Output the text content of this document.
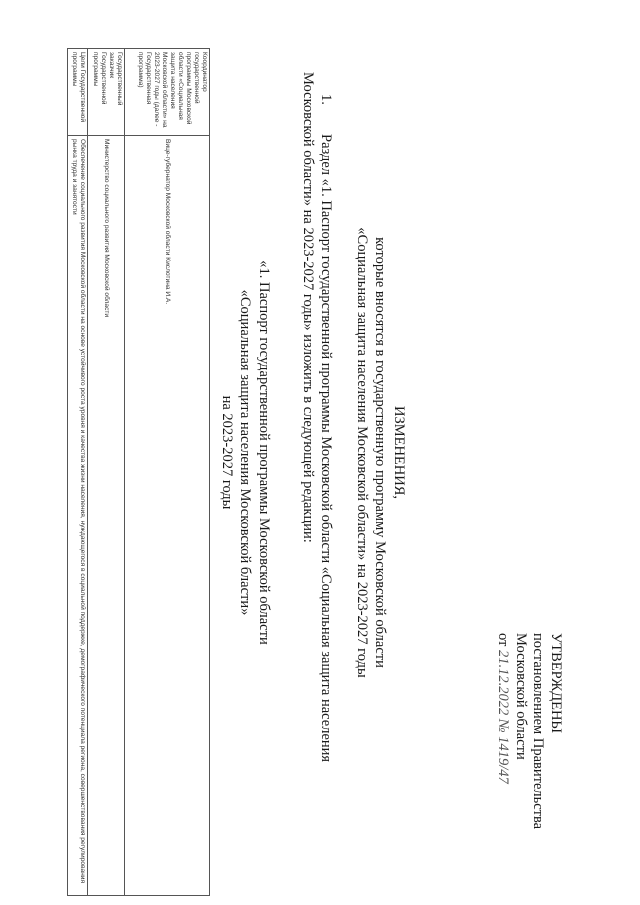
УТВЕРЖДЕНЫ
постановлением Правительства
Московской области
от 21.12.2022 № 1419/47
ИЗМЕНЕНИЯ,
которые вносятся в государственную программу Московской области
«Социальная защита населения Московской области» на 2023-2027 годы
1.Раздел «1. Паспорт государственной программы Московской области «Социальная защита населения Московской области» на 2023-2027 годы» изложить в следующей редакции:
«1. Паспорт государственной программы Московской области
«Социальная защита населения Московской бласти»
на 2023-2027 годы
Координатор государственной программы Московской области «Социальная защита населения Московской области» на 2023-2027 годы (далее - Государственная программа)	Вице-губернатор Московской области Кислотина И.А.
Государственный заказчик Государственной программы	Министерство социального развития Московской области
Цели Государственной программы	Обеспечение социального развития Московской области на основе устойчивого роста уровня и качества жизни населения, нуждающегося в социальной поддержке, демографического потенциала региона, совершенствования регулирования рынка труда и занятости
